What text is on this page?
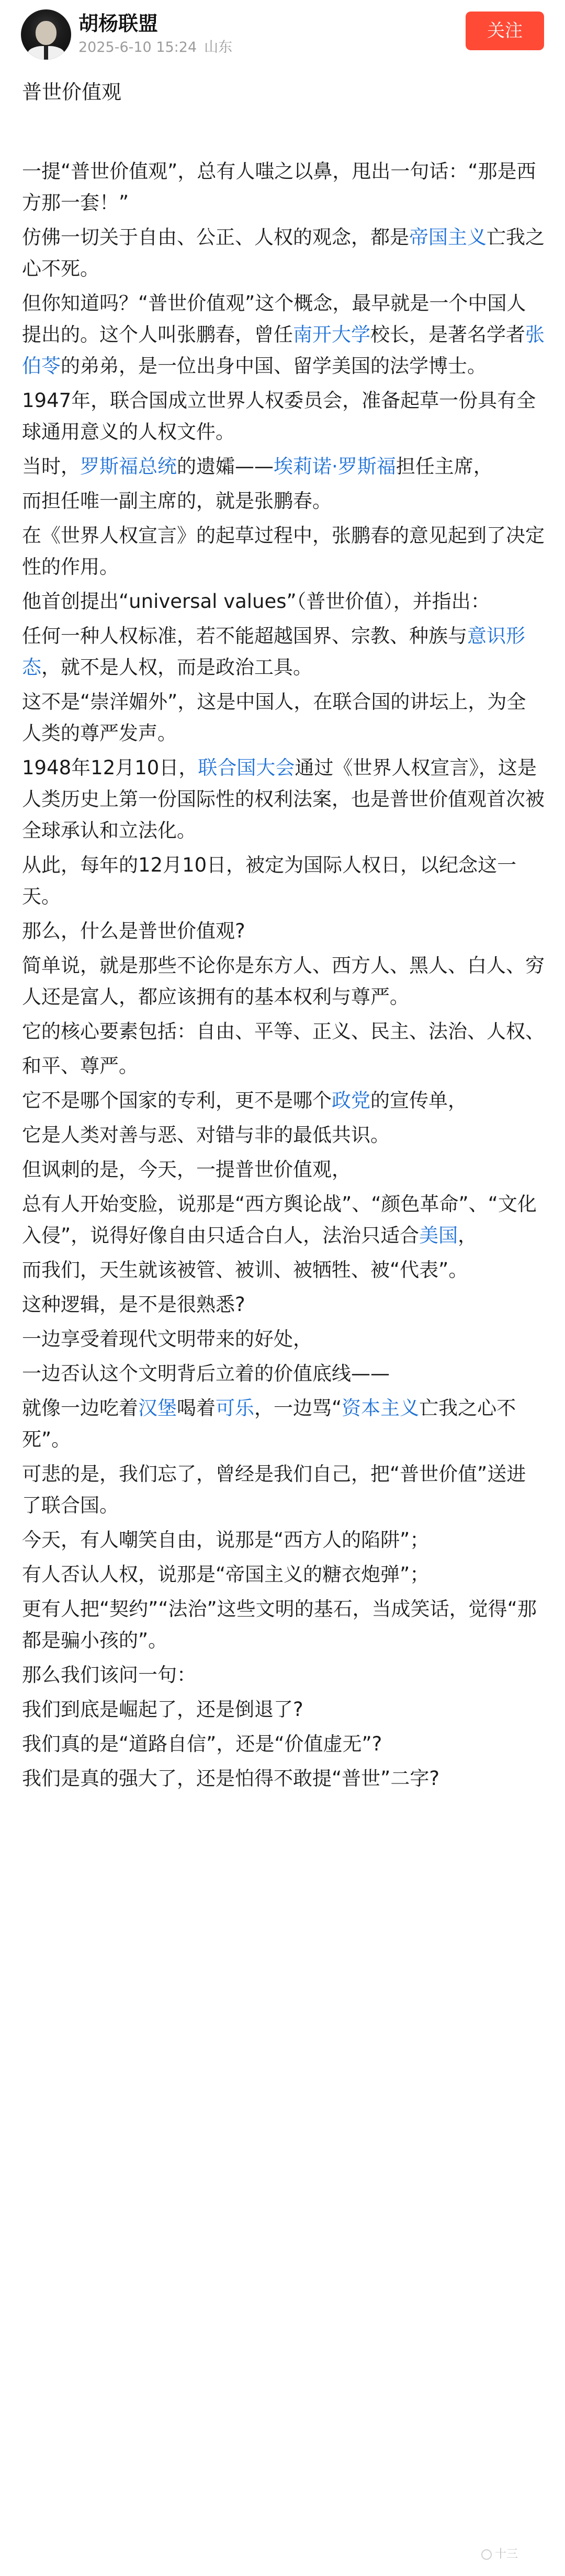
胡杨联盟
2025-6-10 15:24 山东
关注
普世价值观

一提“普世价值观”，总有人嗤之以鼻，甩出一句话：“那是西方那一套！”

仿佛一切关于自由、公正、人权的观念，都是帝国主义亡我之心不死。

但你知道吗？“普世价值观”这个概念，最早就是一个中国人提出的。这个人叫张鹏春，曾任南开大学校长，是著名学者张伯苓的弟弟，是一位出身中国、留学美国的法学博士。

1947年，联合国成立世界人权委员会，准备起草一份具有全球通用意义的人权文件。

当时，罗斯福总统的遗孀——埃莉诺·罗斯福担任主席，

而担任唯一副主席的，就是张鹏春。

在《世界人权宣言》的起草过程中，张鹏春的意见起到了决定性的作用。

他首创提出“universal values”（普世价值），并指出：

任何一种人权标准，若不能超越国界、宗教、种族与意识形态，就不是人权，而是政治工具。

这不是“崇洋媚外”，这是中国人，在联合国的讲坛上，为全人类的尊严发声。

1948年12月10日，联合国大会通过《世界人权宣言》，这是人类历史上第一份国际性的权利法案，也是普世价值观首次被全球承认和立法化。

从此，每年的12月10日，被定为国际人权日，以纪念这一天。

那么，什么是普世价值观?

简单说，就是那些不论你是东方人、西方人、黑人、白人、穷人还是富人，都应该拥有的基本权利与尊严。

它的核心要素包括：自由、平等、正义、民主、法治、人权、

和平、尊严。

它不是哪个国家的专利，更不是哪个政党的宣传单，

它是人类对善与恶、对错与非的最低共识。

但讽刺的是，今天，一提普世价值观，

总有人开始变脸，说那是“西方舆论战”、“颜色革命”、“文化入侵”，说得好像自由只适合白人，法治只适合美国，

而我们，天生就该被管、被训、被牺牲、被“代表”。

这种逻辑，是不是很熟悉?

一边享受着现代文明带来的好处，

一边否认这个文明背后立着的价值底线——

就像一边吃着汉堡喝着可乐，一边骂“资本主义亡我之心不死”。

可悲的是，我们忘了，曾经是我们自己，把“普世价值”送进了联合国。

今天，有人嘲笑自由，说那是“西方人的陷阱”；

有人否认人权，说那是“帝国主义的糖衣炮弹”；

更有人把“契约”“法治”这些文明的基石，当成笑话，觉得“那都是骗小孩的”。

那么我们该问一句：

我们到底是崛起了，还是倒退了?

我们真的是“道路自信”，还是“价值虚无”?

我们是真的强大了，还是怕得不敢提“普世”二字?

十三
